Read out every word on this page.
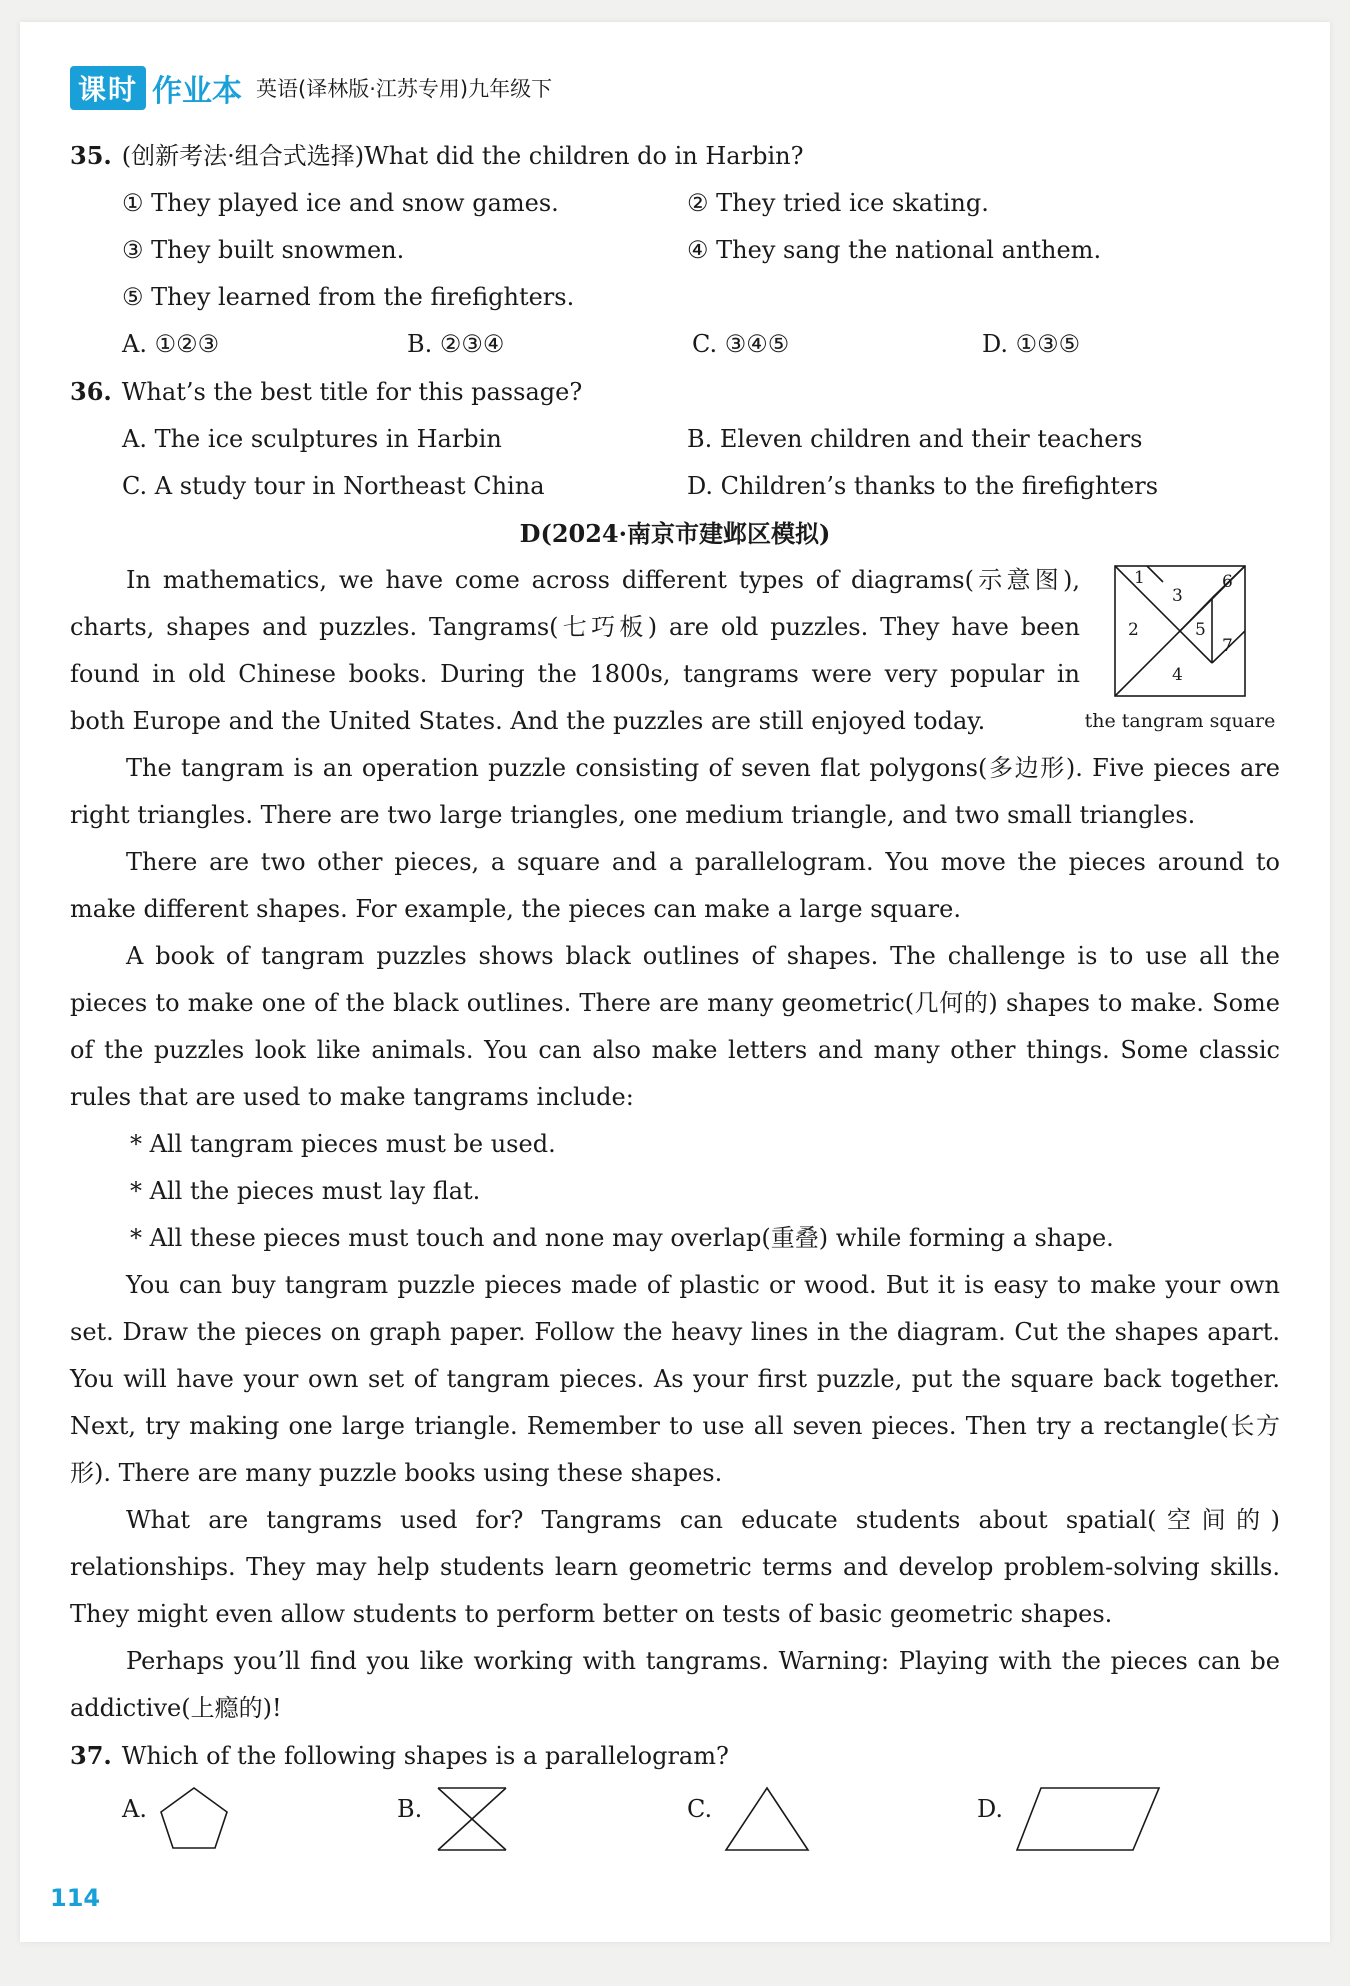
课时 作业本 英语(译林版·江苏专用)九年级下

35. (创新考法·组合式选择)What did the children do in Harbin?

① They played ice and snow games.	② They tried ice skating.
③ They built snowmen.	④ They sang the national anthem.
⑤ They learned from the firefighters.
A. ①②③	B. ②③④	C. ③④⑤	D. ①③⑤

36. What’s the best title for this passage?

A. The ice sculptures in Harbin	B. Eleven children and their teachers
C. A study tour in Northeast China	D. Children’s thanks to the firefighters

D(2024·南京市建邺区模拟)

In mathematics, we have come across different types of diagrams(示意图), charts, shapes and puzzles. Tangrams(七巧板) are old puzzles. They have been found in old Chinese books. During the 1800s, tangrams were very popular in both Europe and the United States. And the puzzles are still enjoyed today.

1
2
3
4
5
6
7
the tangram square

The tangram is an operation puzzle consisting of seven flat polygons(多边形). Five pieces are right triangles. There are two large triangles, one medium triangle, and two small triangles.

There are two other pieces, a square and a parallelogram. You move the pieces around to make different shapes. For example, the pieces can make a large square.

A book of tangram puzzles shows black outlines of shapes. The challenge is to use all the pieces to make one of the black outlines. There are many geometric(几何的) shapes to make. Some of the puzzles look like animals. You can also make letters and many other things. Some classic rules that are used to make tangrams include:

* All tangram pieces must be used.
* All the pieces must lay flat.
* All these pieces must touch and none may overlap(重叠) while forming a shape.

You can buy tangram puzzle pieces made of plastic or wood. But it is easy to make your own set. Draw the pieces on graph paper. Follow the heavy lines in the diagram. Cut the shapes apart. You will have your own set of tangram pieces. As your first puzzle, put the square back together. Next, try making one large triangle. Remember to use all seven pieces. Then try a rectangle(长方形). There are many puzzle books using these shapes.

What are tangrams used for? Tangrams can educate students about spatial(空间的) relationships. They may help students learn geometric terms and develop problem-solving skills. They might even allow students to perform better on tests of basic geometric shapes.

Perhaps you’ll find you like working with tangrams. Warning: Playing with the pieces can be addictive(上瘾的)!

37. Which of the following shapes is a parallelogram?

A.	B.	C.	D.
114
